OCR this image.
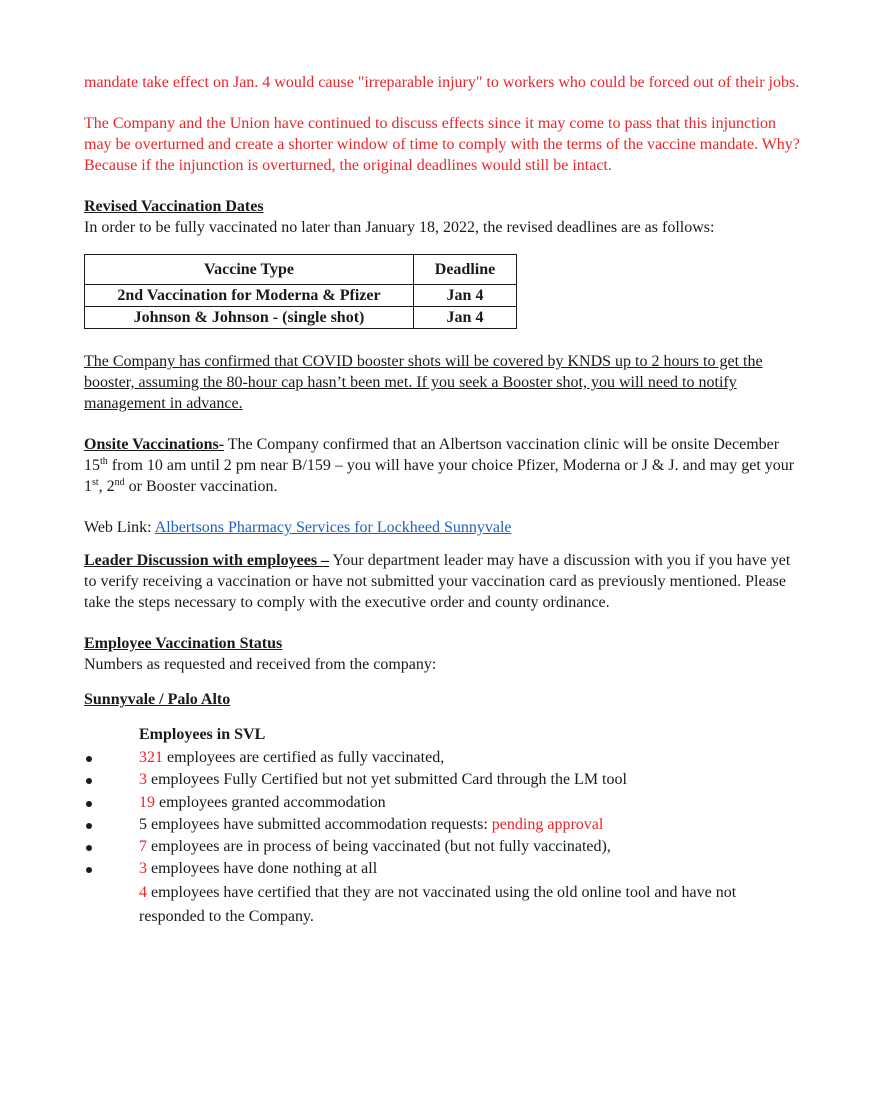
mandate take effect on Jan. 4 would cause "irreparable injury" to workers who could be forced out of their jobs.

The Company and the Union have continued to discuss effects since it may come to pass that this injunction may be overturned and create a shorter window of time to comply with the terms of the vaccine mandate. Why? Because if the injunction is overturned, the original deadlines would still be intact.

Revised Vaccination Dates

In order to be fully vaccinated no later than January 18, 2022, the revised deadlines are as follows:

Vaccine Type	Deadline
2nd Vaccination for Moderna & Pfizer	Jan 4
Johnson & Johnson - (single shot)	Jan 4

The Company has confirmed that COVID booster shots will be covered by KNDS up to 2 hours to get the booster, assuming the 80-hour cap hasn’t been met. If you seek a Booster shot, you will need to notify management in advance.

Onsite Vaccinations- The Company confirmed that an Albertson vaccination clinic will be onsite December 15th from 10 am until 2 pm near B/159 – you will have your choice Pfizer, Moderna or J & J. and may get your 1st, 2nd or Booster vaccination.

Web Link: Albertsons Pharmacy Services for Lockheed Sunnyvale

Leader Discussion with employees – Your department leader may have a discussion with you if you have yet to verify receiving a vaccination or have not submitted your vaccination card as previously mentioned. Please take the steps necessary to comply with the executive order and county ordinance.

Employee Vaccination Status

Numbers as requested and received from the company:

Sunnyvale / Palo Alto

Employees in SVL

321 employees are certified as fully vaccinated,
3 employees Fully Certified but not yet submitted Card through the LM tool
19 employees granted accommodation
5 employees have submitted accommodation requests: pending approval
7 employees are in process of being vaccinated (but not fully vaccinated),
3 employees have done nothing at all

4 employees have certified that they are not vaccinated using the old online tool and have not responded to the Company.
